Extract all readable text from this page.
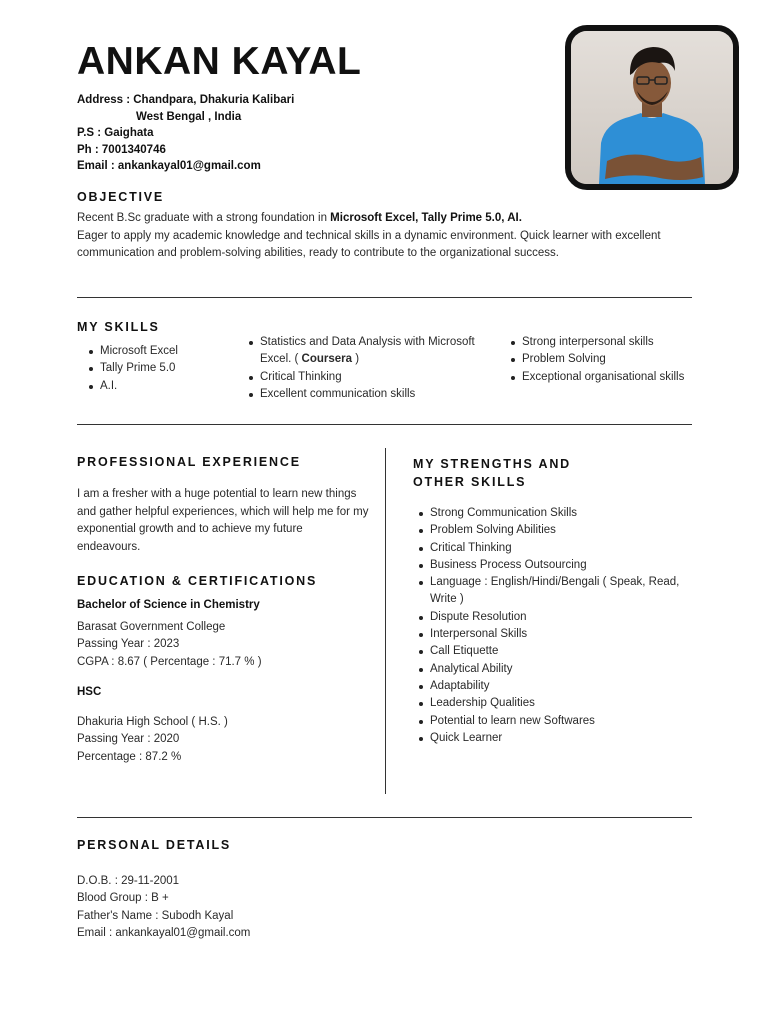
ANKAN KAYAL
Address : Chandpara, Dhakuria Kalibari
West Bengal , India
P.S : Gaighata
Ph : 7001340746
Email : ankankayal01@gmail.com
OBJECTIVE
Recent B.Sc graduate with a strong foundation in Microsoft Excel, Tally Prime 5.0, AI.
Eager to apply my academic knowledge and technical skills in a dynamic environment. Quick learner with excellent communication and problem-solving abilities, ready to contribute to the organizational success.
MY SKILLS
Microsoft Excel
Tally Prime 5.0
A.I.
Statistics and Data Analysis with Microsoft Excel. ( Coursera )
Critical Thinking
Excellent communication skills
Strong interpersonal skills
Problem Solving
Exceptional organisational skills
PROFESSIONAL EXPERIENCE
I am a fresher with a huge potential to learn new things and gather helpful experiences, which will help me for my exponential growth and to achieve my future endeavours.
EDUCATION & CERTIFICATIONS
Bachelor of Science in Chemistry
Barasat Government College
Passing Year : 2023
CGPA : 8.67 ( Percentage : 71.7 % )
HSC
Dhakuria High School ( H.S. )
Passing Year : 2020
Percentage : 87.2 %
MY STRENGTHS AND
OTHER SKILLS
Strong Communication Skills
Problem Solving Abilities
Critical Thinking
Business Process Outsourcing
Language : English/Hindi/Bengali ( Speak, Read, Write )
Dispute Resolution
Interpersonal Skills
Call Etiquette
Analytical Ability
Adaptability
Leadership Qualities
Potential to learn new Softwares
Quick Learner
PERSONAL DETAILS
D.O.B. : 29-11-2001
Blood Group : B +
Father's Name : Subodh Kayal
Email : ankankayal01@gmail.com
